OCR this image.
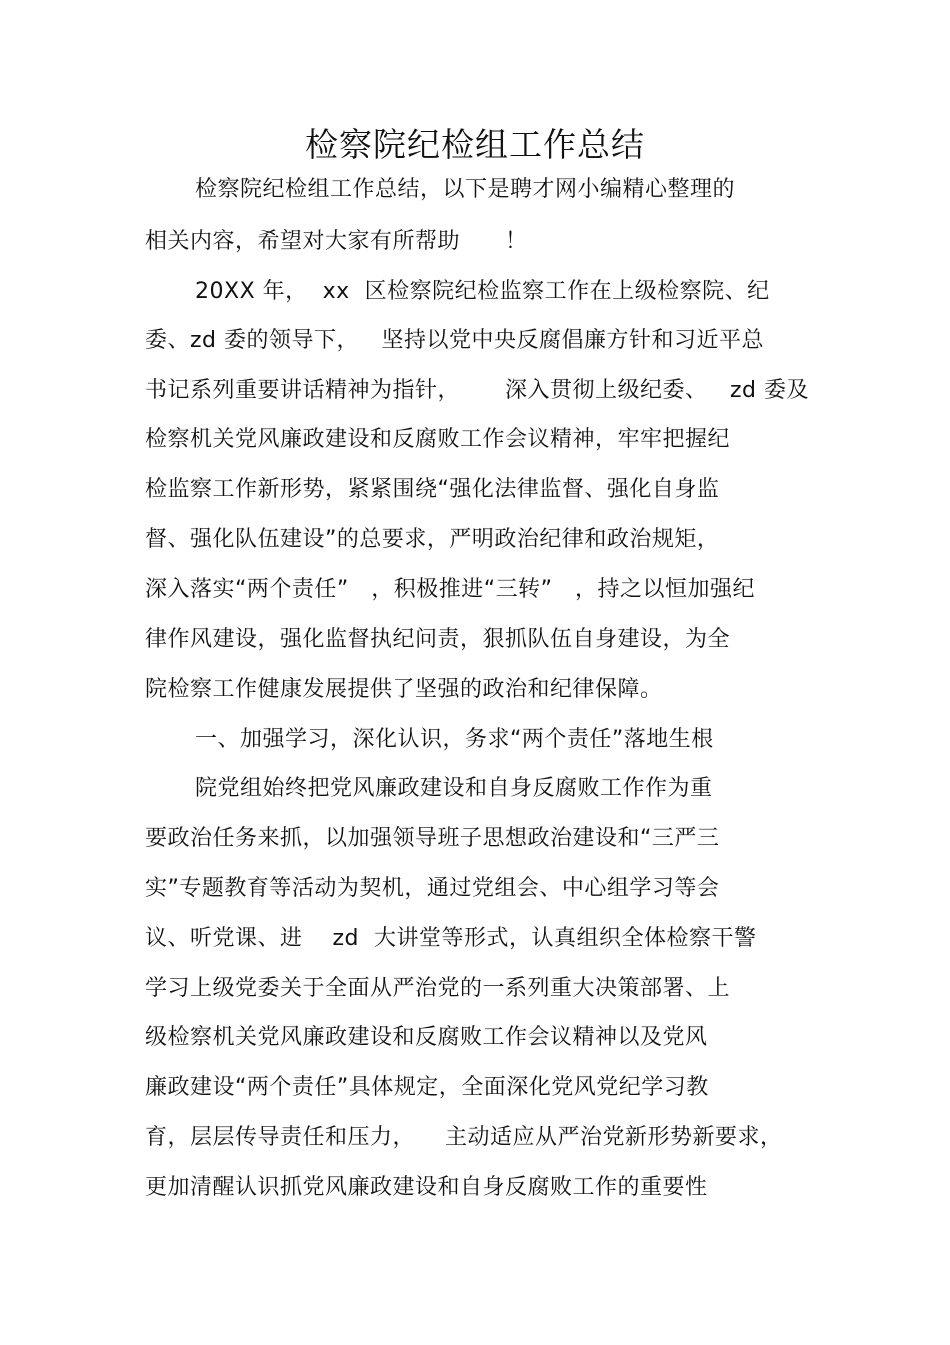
检察院纪检组工作总结
检察院纪检组工作总结，以下是聘才网小编精心整理的
相关内容，希望对大家有所帮助      ！
20XX 年，  xx  区检察院纪检监察工作在上级检察院、纪
委、zd 委的领导下，   坚持以党中央反腐倡廉方针和习近平总
书记系列重要讲话精神为指针，      深入贯彻上级纪委、   zd 委及
检察机关党风廉政建设和反腐败工作会议精神，牢牢把握纪
检监察工作新形势，紧紧围绕“强化法律监督、强化自身监
督、强化队伍建设”的总要求，严明政治纪律和政治规矩，
深入落实“两个责任”   ，积极推进“三转”   ，持之以恒加强纪
律作风建设，强化监督执纪问责，狠抓队伍自身建设，为全
院检察工作健康发展提供了坚强的政治和纪律保障。
一、加强学习，深化认识，务求“两个责任”落地生根
院党组始终把党风廉政建设和自身反腐败工作作为重
要政治任务来抓，以加强领导班子思想政治建设和“三严三
实”专题教育等活动为契机，通过党组会、中心组学习等会
议、听党课、进    zd  大讲堂等形式，认真组织全体检察干警
学习上级党委关于全面从严治党的一系列重大决策部署、上
级检察机关党风廉政建设和反腐败工作会议精神以及党风
廉政建设“两个责任”具体规定，全面深化党风党纪学习教
育，层层传导责任和压力，    主动适应从严治党新形势新要求，
更加清醒认识抓党风廉政建设和自身反腐败工作的重要性
